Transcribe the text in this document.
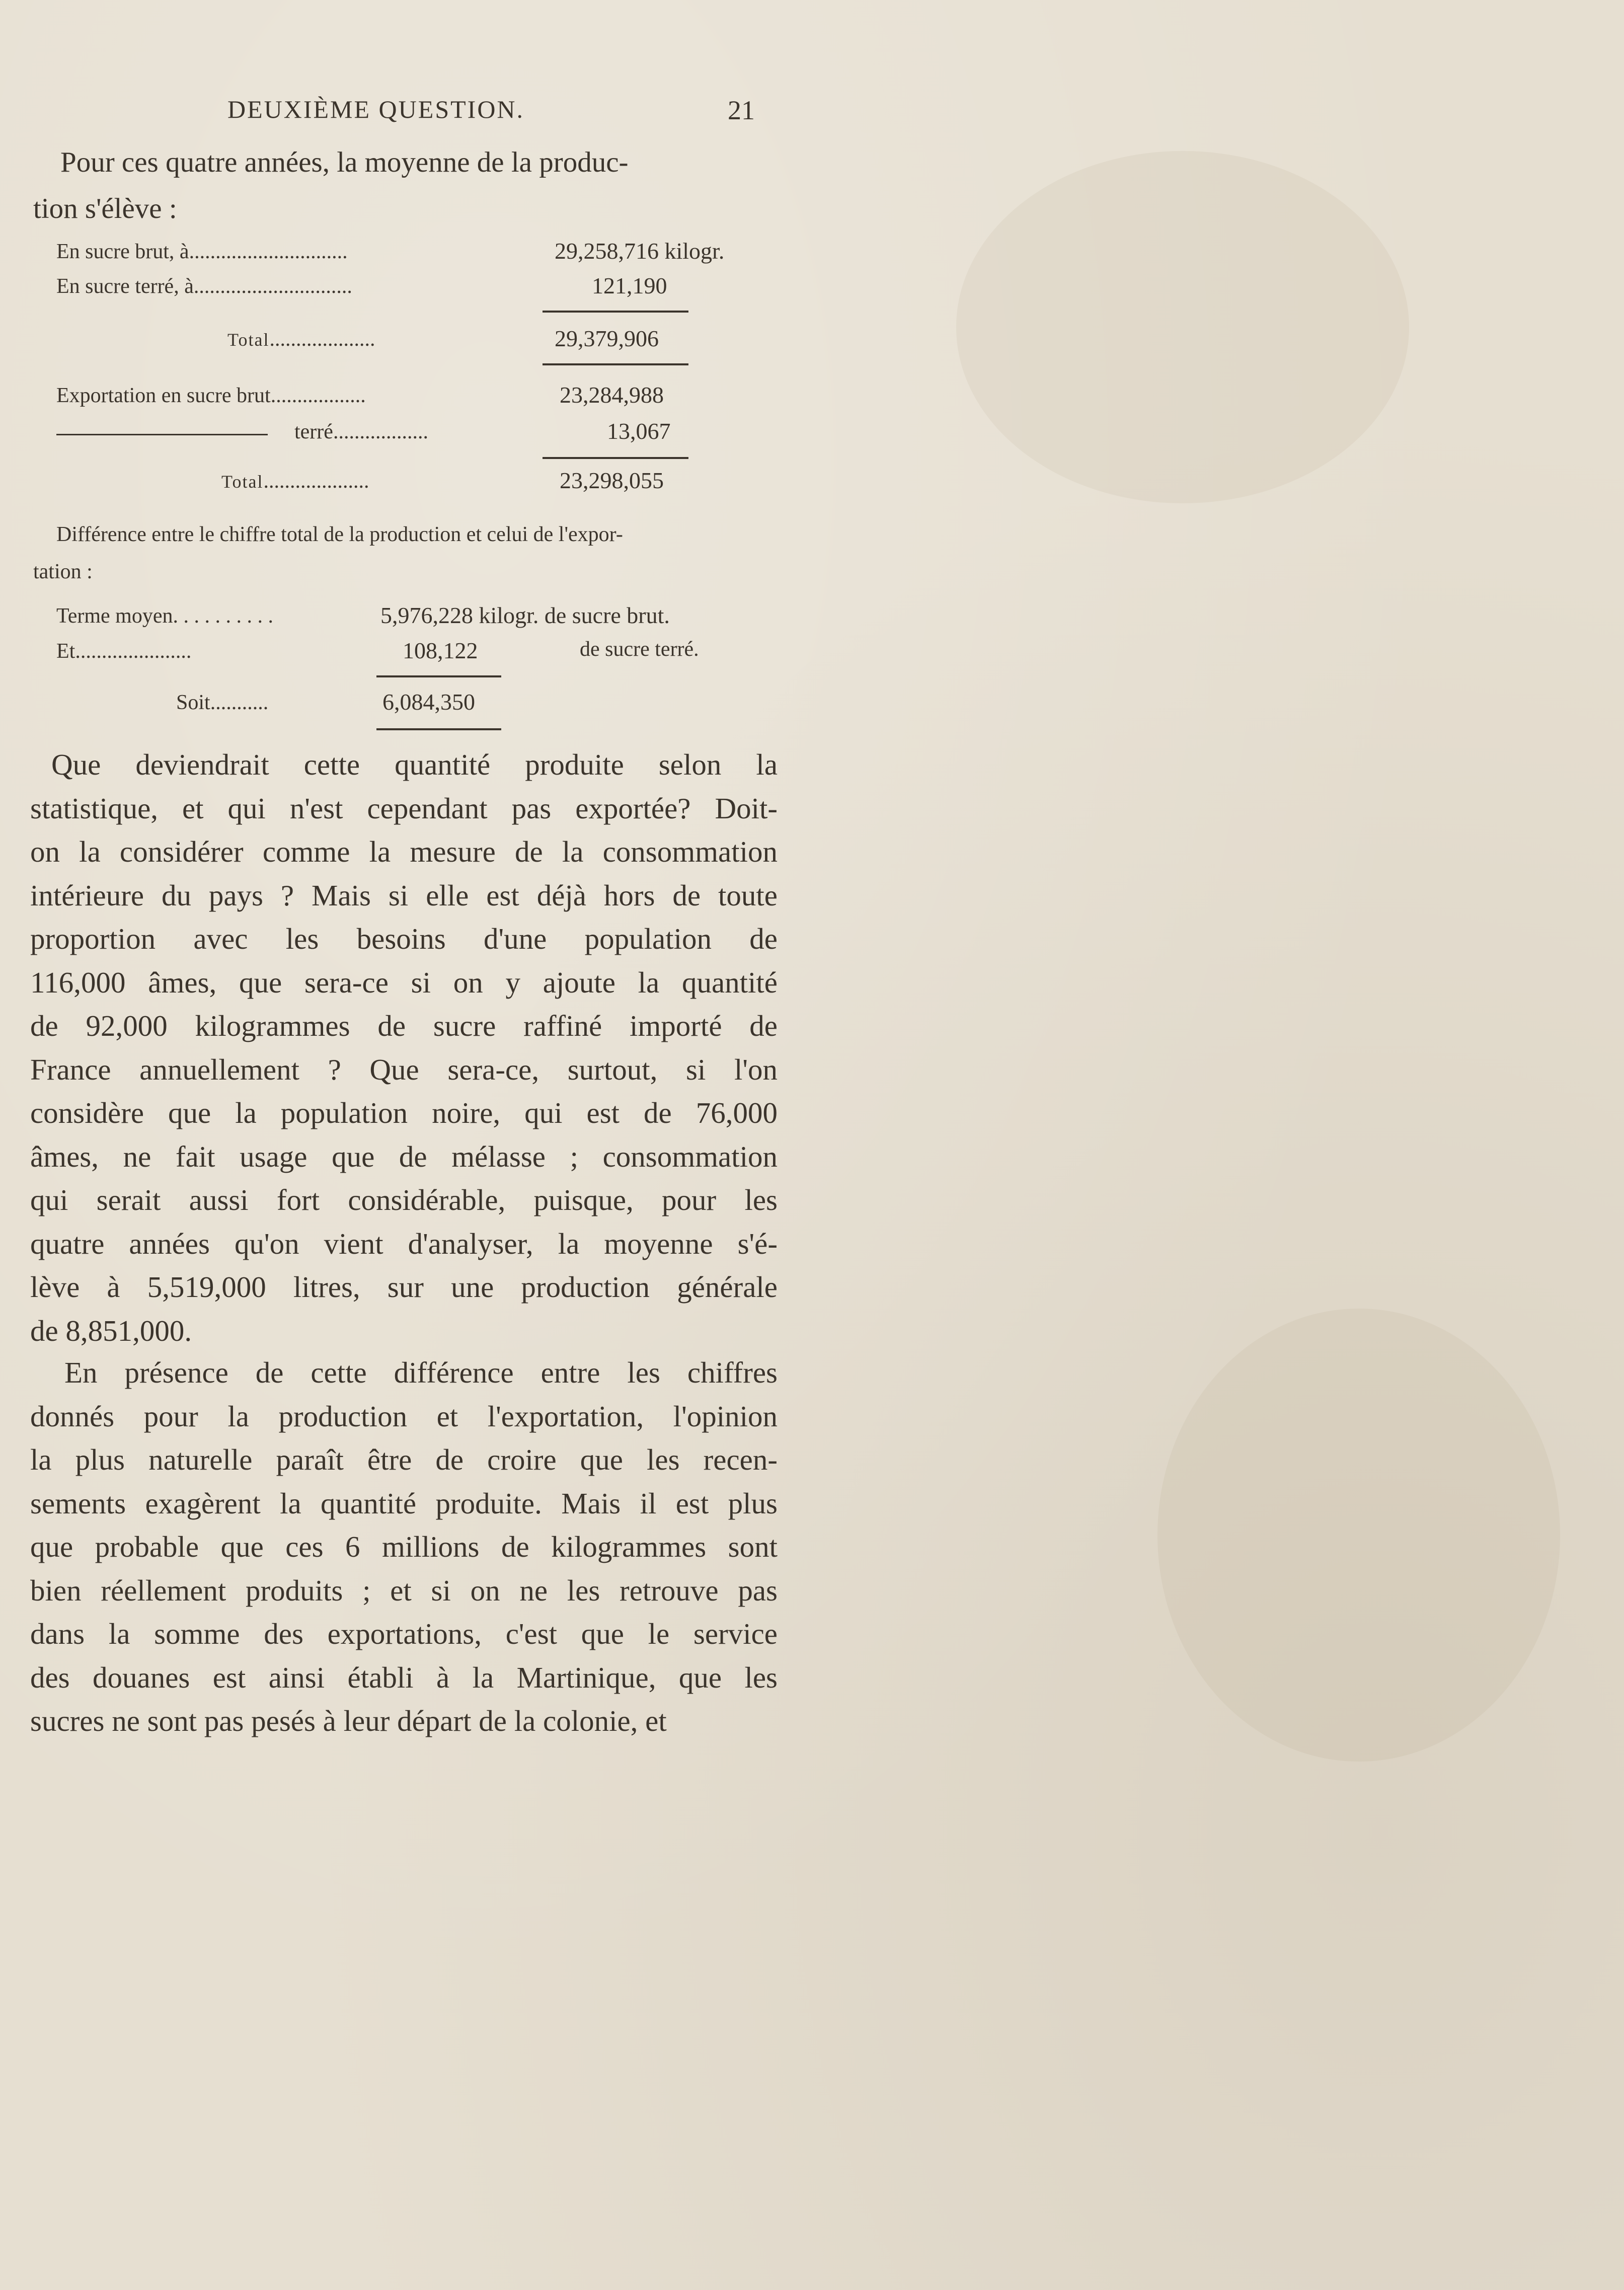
DEUXIÈME QUESTION.	21
Pour ces quatre années, la moyenne de la produc-
tion s'élève :
En sucre brut, à..............................	29,258,716 kilogr.
En sucre terré, à..............................	121,190
Total....................	29,379,906
Exportation en sucre brut..................	23,284,988
terré..................	13,067
Total....................	23,298,055
Différence entre le chiffre total de la production et celui de l'expor-
tation :
Terme moyen. . . . . . . . . .	5,976,228 kilogr. de sucre brut.
Et......................	108,122	de sucre terré.
Soit...........	6,084,350
Que deviendrait cette quantité produite selon la
statistique, et qui n'est cependant pas exportée? Doit-
on la considérer comme la mesure de la consommation
intérieure du pays ? Mais si elle est déjà hors de toute
proportion avec les besoins d'une population de
116,000 âmes, que sera-ce si on y ajoute la quantité
de 92,000 kilogrammes de sucre raffiné importé de
France annuellement ? Que sera-ce, surtout, si l'on
considère que la population noire, qui est de 76,000
âmes, ne fait usage que de mélasse ; consommation
qui serait aussi fort considérable, puisque, pour les
quatre années qu'on vient d'analyser, la moyenne s'é-
lève à 5,519,000 litres, sur une production générale
de 8,851,000.
En présence de cette différence entre les chiffres
donnés pour la production et l'exportation, l'opinion
la plus naturelle paraît être de croire que les recen-
sements exagèrent la quantité produite. Mais il est plus
que probable que ces 6 millions de kilogrammes sont
bien réellement produits ; et si on ne les retrouve pas
dans la somme des exportations, c'est que le service
des douanes est ainsi établi à la Martinique, que les
sucres ne sont pas pesés à leur départ de la colonie, et
